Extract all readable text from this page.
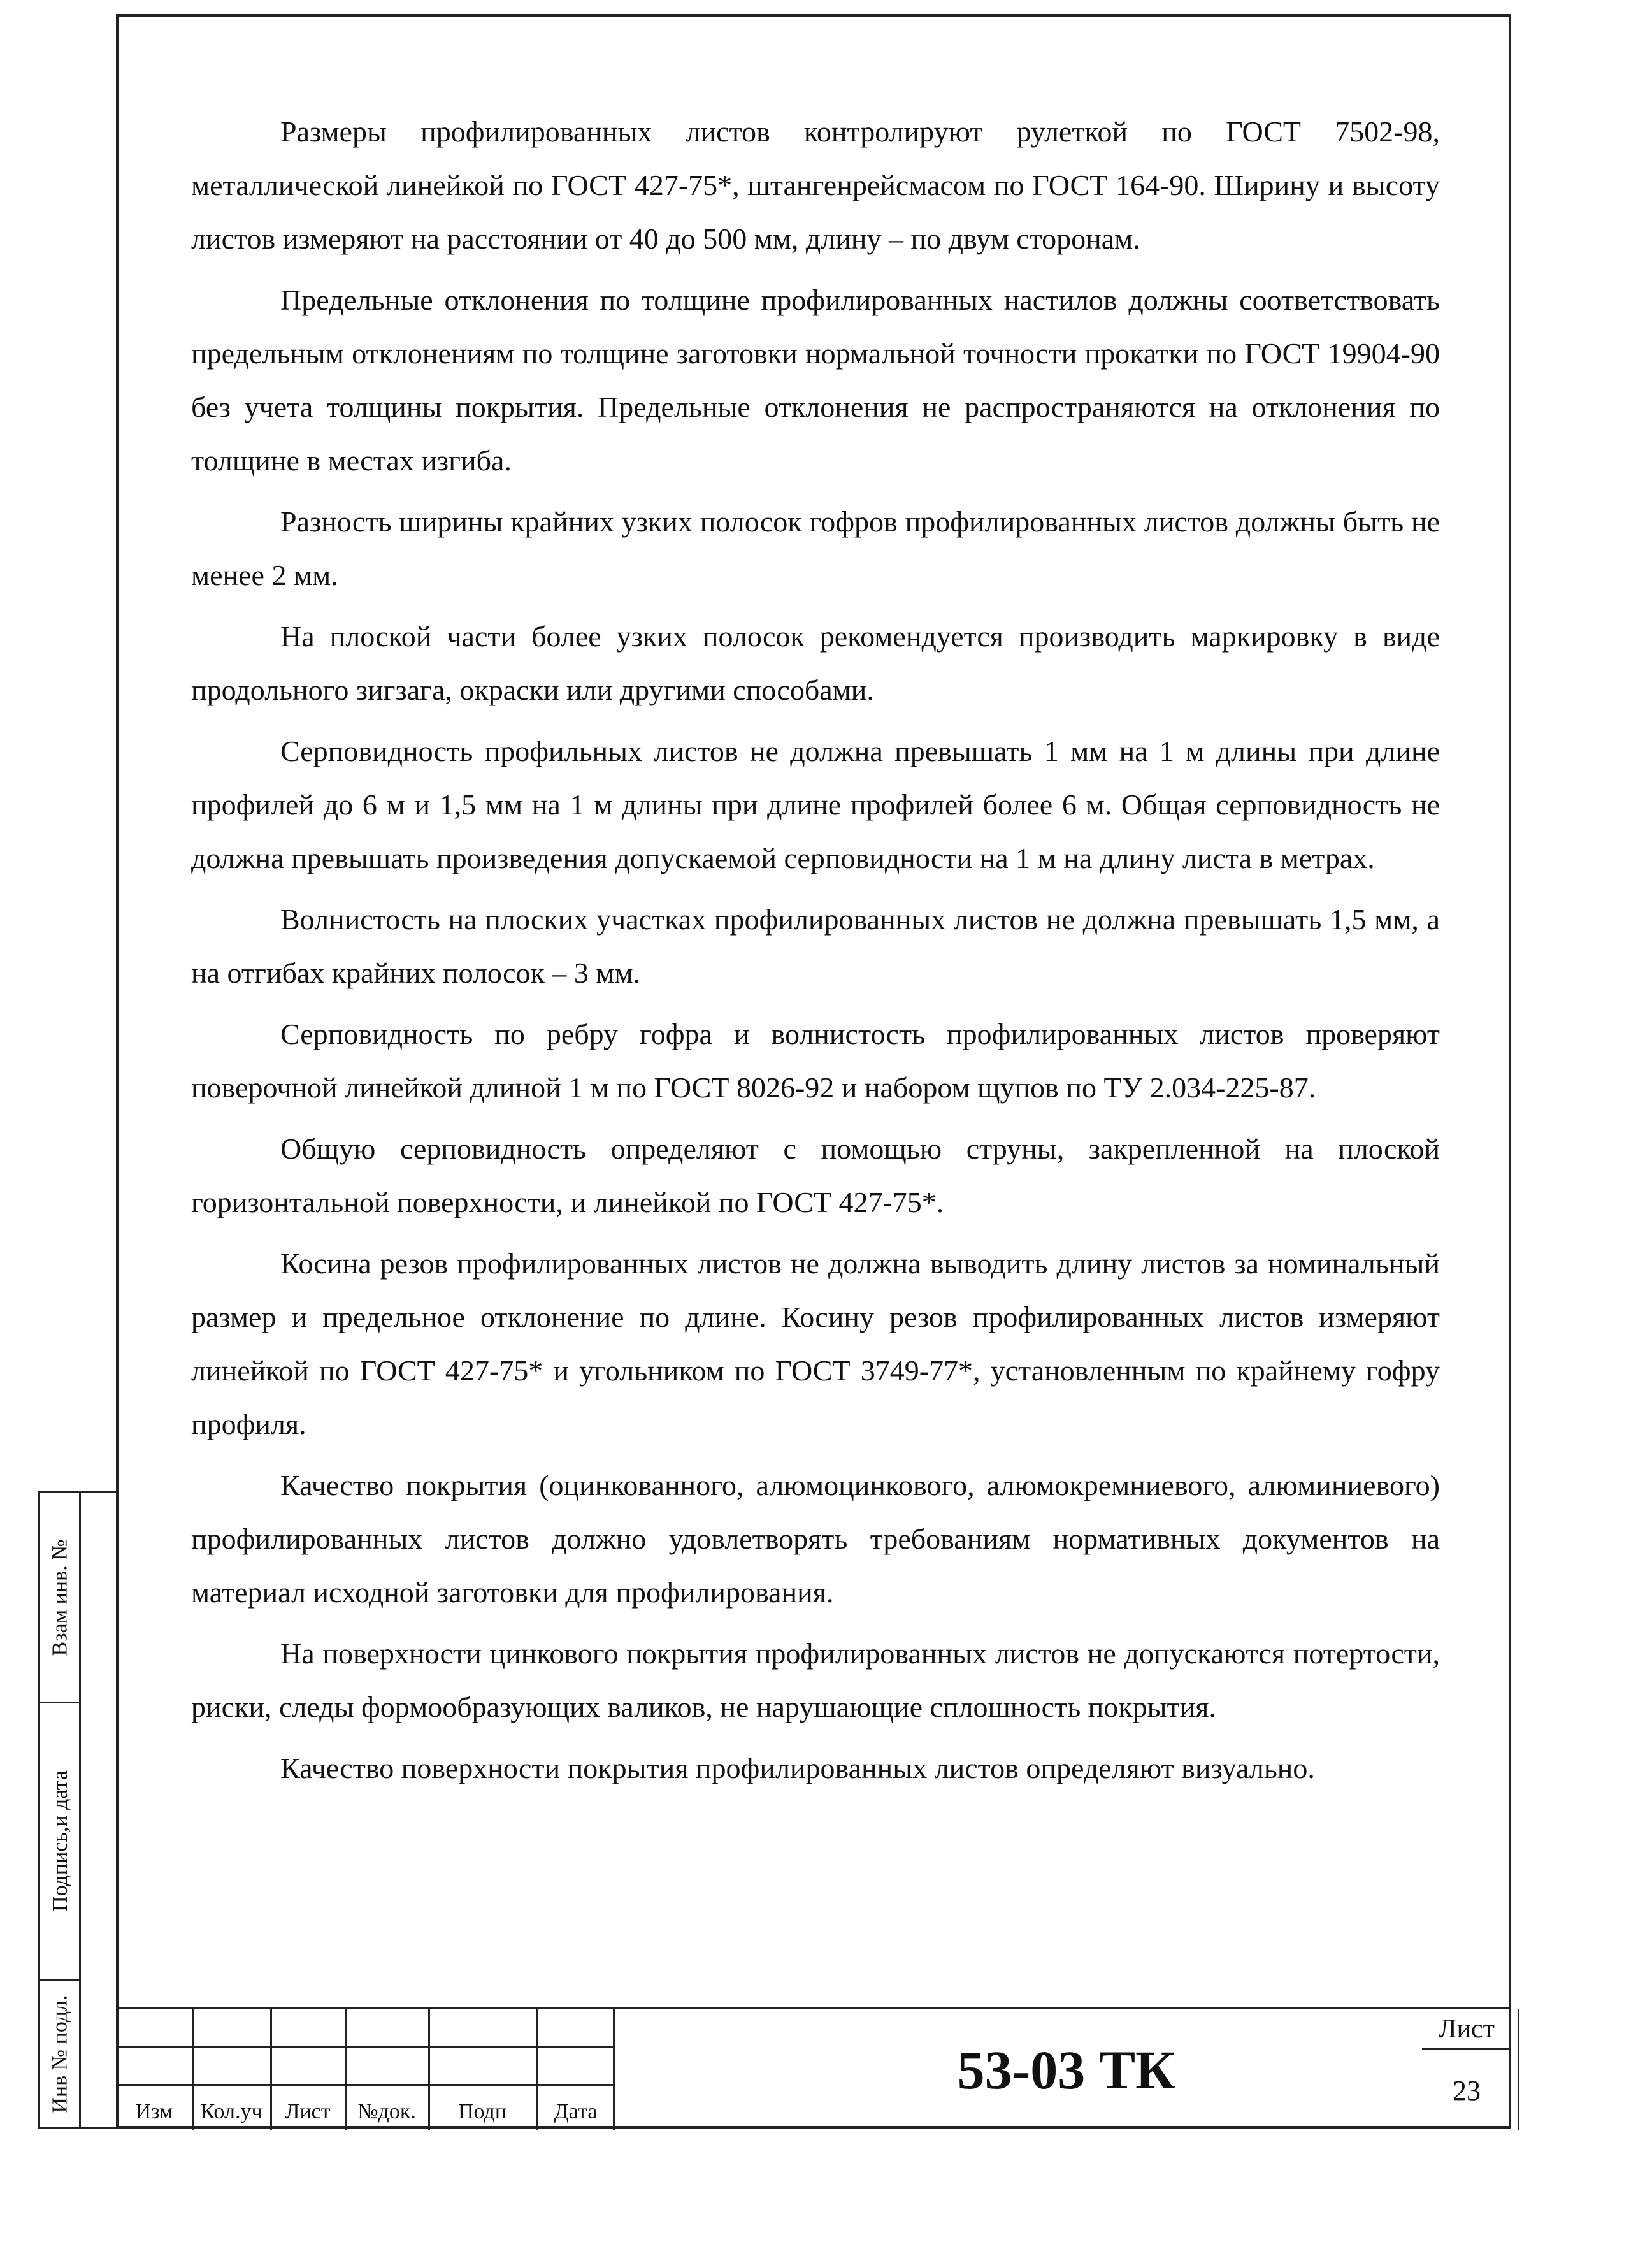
Размеры профилированных листов контролируют рулеткой по ГОСТ 7502-98, металлической линейкой по ГОСТ 427-75*, штангенрейсмасом по ГОСТ 164-90. Ширину и высоту листов измеряют на расстоянии от 40 до 500 мм, длину – по двум сторонам.

Предельные отклонения по толщине профилированных настилов должны соответствовать предельным отклонениям по толщине заготовки нормальной точности прокатки по ГОСТ 19904-90 без учета толщины покрытия. Предельные отклонения не распространяются на отклонения по толщине в местах изгиба.

Разность ширины крайних узких полосок гофров профилированных листов должны быть не менее 2 мм.

На плоской части более узких полосок рекомендуется производить маркировку в виде продольного зигзага, окраски или другими способами.

Серповидность профильных листов не должна превышать 1 мм на 1 м длины при длине профилей до 6 м и 1,5 мм на 1 м длины при длине профилей более 6 м. Общая серповидность не должна превышать произведения допускаемой серповидности на 1 м на длину листа в метрах.

Волнистость на плоских участках профилированных листов не должна превышать 1,5 мм, а на отгибах крайних полосок – 3 мм.

Серповидность по ребру гофра и волнистость профилированных листов проверяют поверочной линейкой длиной 1 м по ГОСТ 8026-92 и набором щупов по ТУ 2.034-225-87.

Общую серповидность определяют с помощью струны, закрепленной на плоской горизонтальной поверхности, и линейкой по ГОСТ 427-75*.

Косина резов профилированных листов не должна выводить длину листов за номинальный размер и предельное отклонение по длине. Косину резов профилированных листов измеряют линейкой по ГОСТ 427-75* и угольником по ГОСТ 3749-77*, установленным по крайнему гофру профиля.

Качество покрытия (оцинкованного, алюмоцинкового, алюмокремниевого, алюминиевого) профилированных листов должно удовлетворять требованиям нормативных документов на материал исходной заготовки для профилирования.

На поверхности цинкового покрытия профилированных листов не допускаются потертости, риски, следы формообразующих валиков, не нарушающие сплошность покрытия.

Качество поверхности покрытия профилированных листов определяют визуально.

Взам инв. №
Подпись,и дата
Инв № подл.	Изм	Кол.уч	Лист	№док.	Подп	Дата
53-03 ТК
Лист
23
